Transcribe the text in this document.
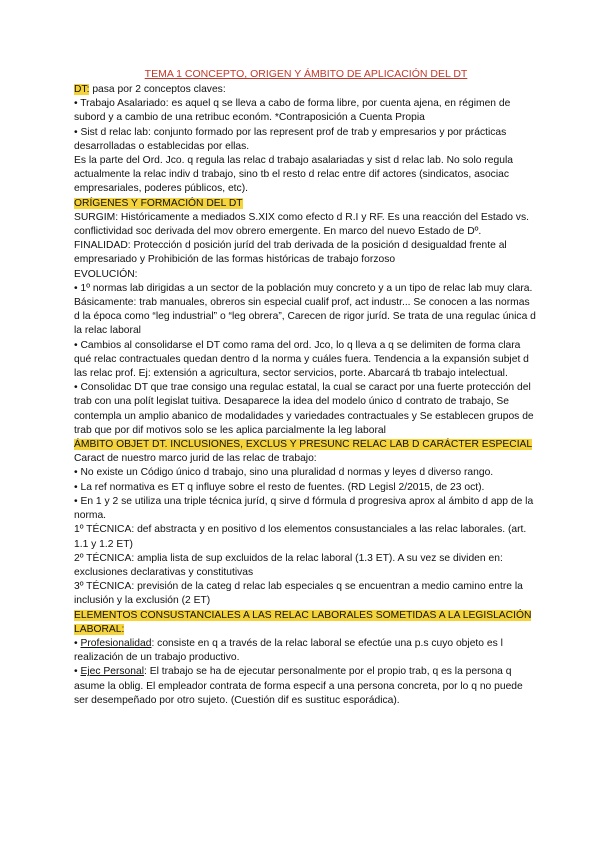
TEMA 1 CONCEPTO, ORIGEN Y ÁMBITO DE APLICACIÓN DEL DT

DT: pasa por 2 conceptos claves:

• Trabajo Asalariado: es aquel q se lleva a cabo de forma libre, por cuenta ajena, en régimen de subord y a cambio de una retribuc económ. *Contraposición a Cuenta Propia

• Sist d relac lab: conjunto formado por las represent prof de trab y empresarios y por prácticas desarrolladas o establecidas por ellas.

Es la parte del Ord. Jco. q regula las relac d trabajo asalariadas y sist d relac lab. No solo regula actualmente la relac indiv d trabajo, sino tb el resto d relac entre dif actores (sindicatos, asociac empresariales, poderes públicos, etc).

ORÍGENES Y FORMACIÓN DEL DT

SURGIM: Históricamente a mediados S.XIX como efecto d R.I y RF. Es una reacción del Estado vs. conflictividad soc derivada del mov obrero emergente. En marco del nuevo Estado de Dº.

FINALIDAD: Protección d posición juríd del trab derivada de la posición d desigualdad frente al empresariado y Prohibición de las formas históricas de trabajo forzoso

EVOLUCIÓN:

• 1º normas lab dirigidas a un sector de la población muy concreto y a un tipo de relac lab muy clara. Básicamente: trab manuales, obreros sin especial cualif prof, act industr... Se conocen a las normas d la época como “leg industrial” o “leg obrera”, Carecen de rigor juríd. Se trata de una regulac única d la relac laboral

• Cambios al consolidarse el DT como rama del ord. Jco, lo q lleva a q se delimiten de forma clara qué relac contractuales quedan dentro d la norma y cuáles fuera. Tendencia a la expansión subjet d las relac prof. Ej: extensión a agricultura, sector servicios, porte. Abarcará tb trabajo intelectual.

• Consolidac DT que trae consigo una regulac estatal, la cual se caract por una fuerte protección del trab con una polít legislat tuitiva. Desaparece la idea del modelo único d contrato de trabajo, Se contempla un amplio abanico de modalidades y variedades contractuales y Se establecen grupos de trab que por dif motivos solo se les aplica parcialmente la leg laboral

ÁMBITO OBJET DT. INCLUSIONES, EXCLUS Y PRESUNC RELAC LAB D CARÁCTER ESPECIAL Caract de nuestro marco jurid de las relac de trabajo:

• No existe un Código único d trabajo, sino una pluralidad d normas y leyes d diverso rango.

• La ref normativa es ET q influye sobre el resto de fuentes. (RD Legisl 2/2015, de 23 oct).

• En 1 y 2 se utiliza una triple técnica juríd, q sirve d fórmula d progresiva aprox al ámbito d app de la norma.

1º TÉCNICA: def abstracta y en positivo d los elementos consustanciales a las relac laborales. (art. 1.1 y 1.2 ET)

2º TÉCNICA: amplia lista de sup excluidos de la relac laboral (1.3 ET). A su vez se dividen en: exclusiones declarativas y constitutivas

3º TÉCNICA: previsión de la categ d relac lab especiales q se encuentran a medio camino entre la inclusión y la exclusión (2 ET)

ELEMENTOS CONSUSTANCIALES A LAS RELAC LABORALES SOMETIDAS A LA LEGISLACIÓN LABORAL:

• Profesionalidad: consiste en q a través de la relac laboral se efectúe una p.s cuyo objeto es l realización de un trabajo productivo.

• Ejec Personal: El trabajo se ha de ejecutar personalmente por el propio trab, q es la persona q asume la oblig. El empleador contrata de forma especif a una persona concreta, por lo q no puede ser desempeñado por otro sujeto. (Cuestión dif es sustituc esporádica).
